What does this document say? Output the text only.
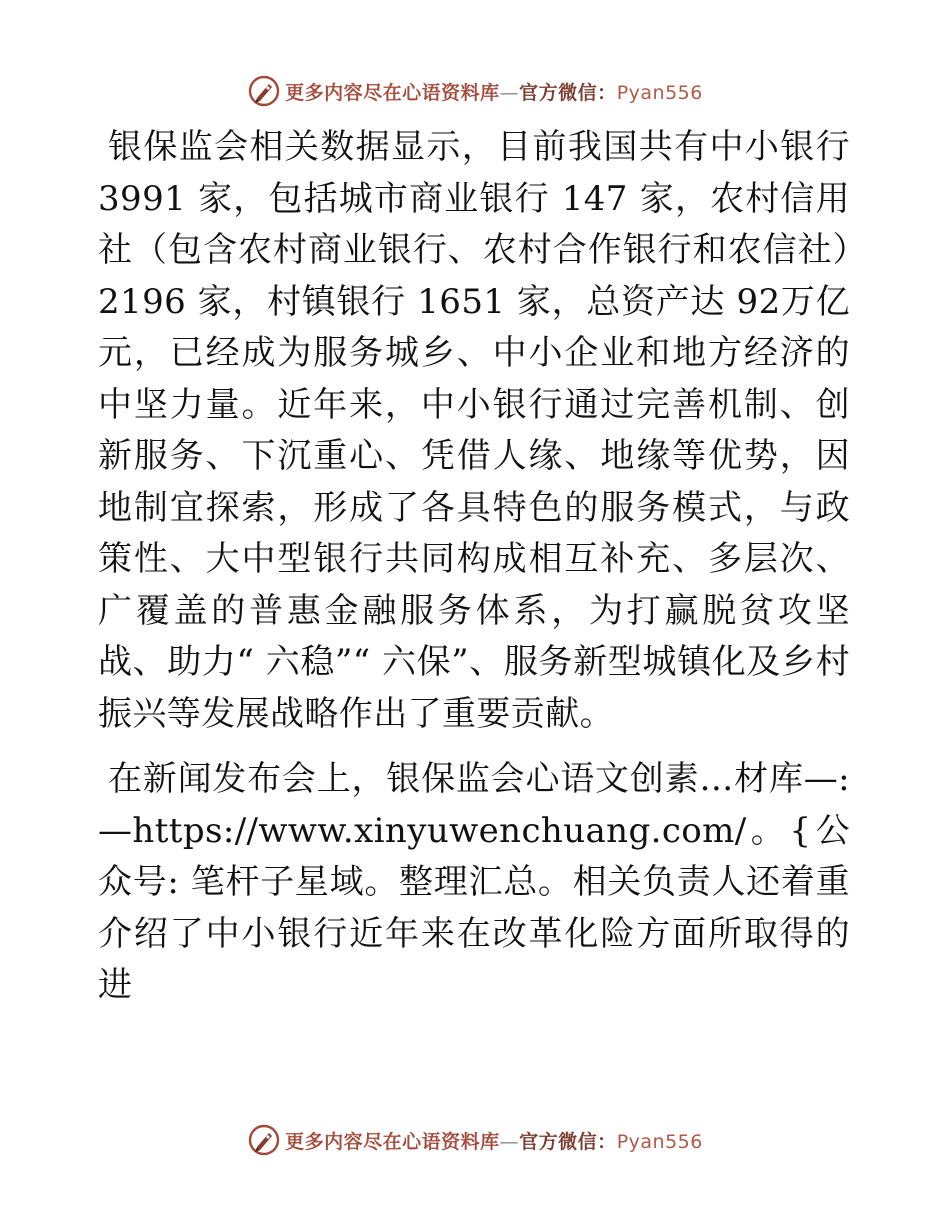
更多内容尽在心语资料库—官方微信：Pyan556

银保监会相关数据显示，目前我国共有中小银行3991 家，包括城市商业银行 147 家，农村信用社（包含农村商业银行、农村合作银行和农信社）2196 家，村镇银行 1651 家，总资产达 92万亿元，已经成为服务城乡、中小企业和地方经济的中坚力量。近年来，中小银行通过完善机制、创新服务、下沉重心、凭借人缘、地缘等优势，因地制宜探索，形成了各具特色的服务模式，与政策性、大中型银行共同构成相互补充、多层次、广覆盖的普惠金融服务体系，为打赢脱贫攻坚战、助力“ 六稳”“ 六保”、服务新型城镇化及乡村振兴等发展战略作出了重要贡献。

在新闻发布会上，银保监会心语文创素…材库—: —https://www.xinyuwenchuang.com/。{公众号: 笔杆子星域。整理汇总。相关负责人还着重介绍了中小银行近年来在改革化险方面所取得的进

更多内容尽在心语资料库—官方微信：Pyan556
